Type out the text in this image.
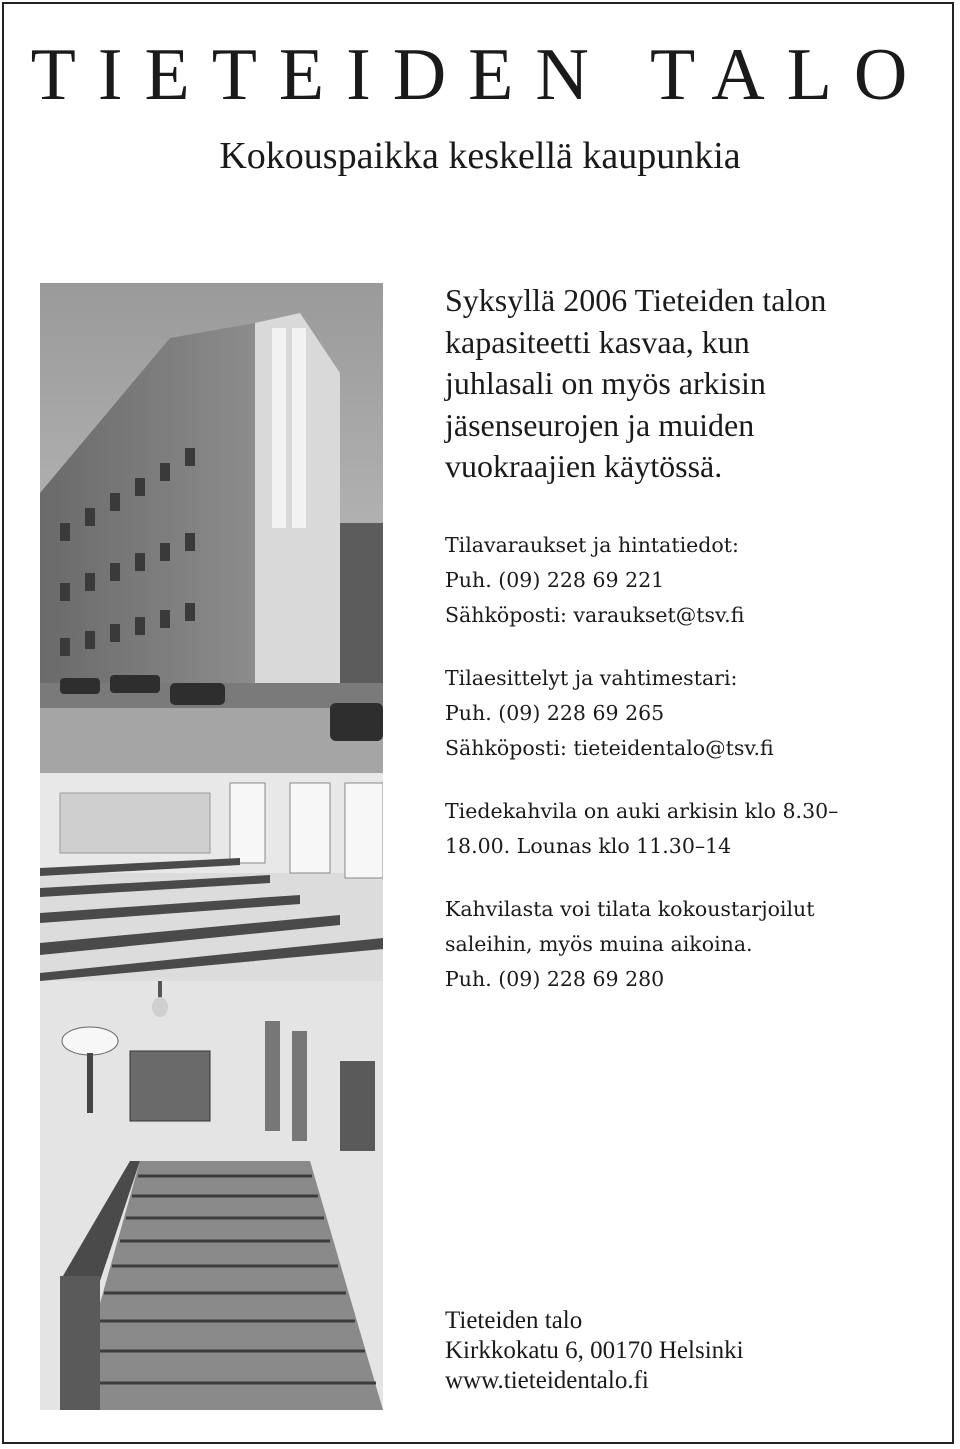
TIETEIDEN TALO
Kokouspaikka keskellä kaupunkia

Syksyllä 2006 Tieteiden talon
kapasiteetti kasvaa, kun
juhlasali on myös arkisin
jäsenseurojen ja muiden
vuokraajien käytössä.

Tilavaraukset ja hintatiedot:
Puh. (09) 228 69 221
Sähköposti: varaukset@tsv.fi

Tilaesittelyt ja vahtimestari:
Puh. (09) 228 69 265
Sähköposti: tieteidentalo@tsv.fi

Tiedekahvila on auki arkisin klo 8.30–
18.00. Lounas klo 11.30–14

Kahvilasta voi tilata kokoustarjoilut
saleihin, myös muina aikoina.
Puh. (09) 228 69 280

Tieteiden talo
Kirkkokatu 6, 00170 Helsinki
www.tieteidentalo.fi
